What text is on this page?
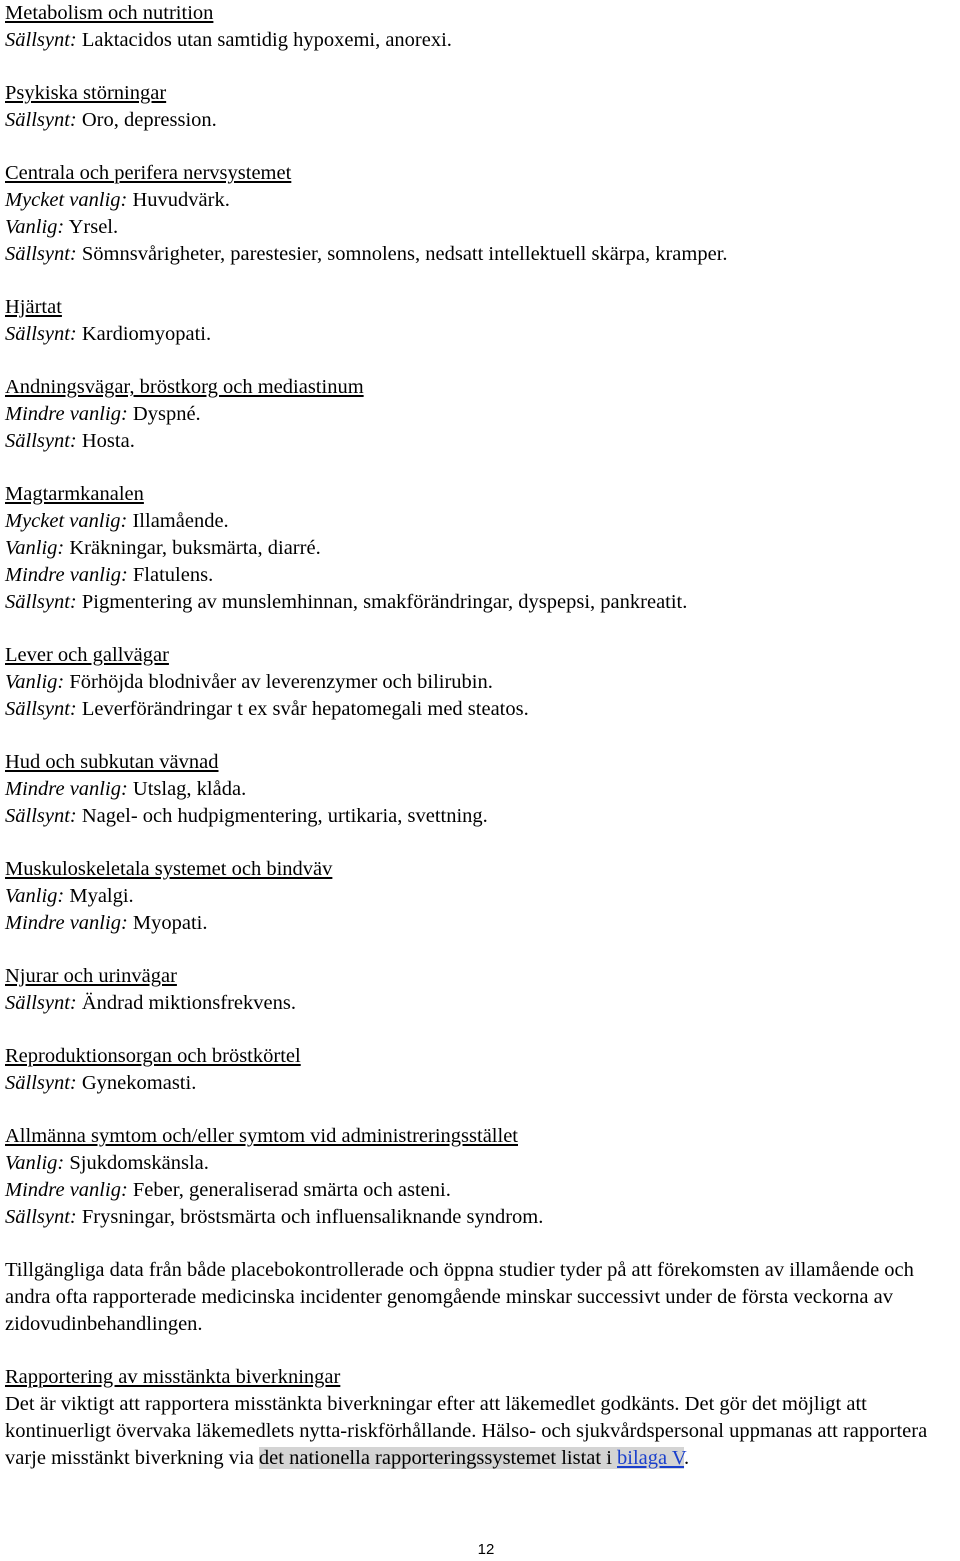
Metabolism och nutrition
Sällsynt: Laktacidos utan samtidig hypoxemi, anorexi.
Psykiska störningar
Sällsynt: Oro, depression.
Centrala och perifera nervsystemet
Mycket vanlig: Huvudvärk.
Vanlig: Yrsel.
Sällsynt: Sömnsvårigheter, parestesier, somnolens, nedsatt intellektuell skärpa, kramper.
Hjärtat
Sällsynt: Kardiomyopati.
Andningsvägar, bröstkorg och mediastinum
Mindre vanlig: Dyspné.
Sällsynt: Hosta.
Magtarmkanalen
Mycket vanlig: Illamående.
Vanlig: Kräkningar, buksmärta, diarré.
Mindre vanlig: Flatulens.
Sällsynt: Pigmentering av munslemhinnan, smakförändringar, dyspepsi, pankreatit.
Lever och gallvägar
Vanlig: Förhöjda blodnivåer av leverenzymer och bilirubin.
Sällsynt: Leverförändringar t ex svår hepatomegali med steatos.
Hud och subkutan vävnad
Mindre vanlig: Utslag, klåda.
Sällsynt: Nagel- och hudpigmentering, urtikaria, svettning.
Muskuloskeletala systemet och bindväv
Vanlig: Myalgi.
Mindre vanlig: Myopati.
Njurar och urinvägar
Sällsynt: Ändrad miktionsfrekvens.
Reproduktionsorgan och bröstkörtel
Sällsynt: Gynekomasti.
Allmänna symtom och/eller symtom vid administreringsstället
Vanlig: Sjukdomskänsla.
Mindre vanlig: Feber, generaliserad smärta och asteni.
Sällsynt: Frysningar, bröstsmärta och influensaliknande syndrom.
Tillgängliga data från både placebokontrollerade och öppna studier tyder på att förekomsten av illamående och andra ofta rapporterade medicinska incidenter genomgående minskar successivt under de första veckorna av zidovudinbehandlingen.
Rapportering av misstänkta biverkningar
Det är viktigt att rapportera misstänkta biverkningar efter att läkemedlet godkänts. Det gör det möjligt att kontinuerligt övervaka läkemedlets nytta-riskförhållande. Hälso- och sjukvårdspersonal uppmanas att rapportera varje misstänkt biverkning via det nationella rapporteringssystemet listat i bilaga V.
12
